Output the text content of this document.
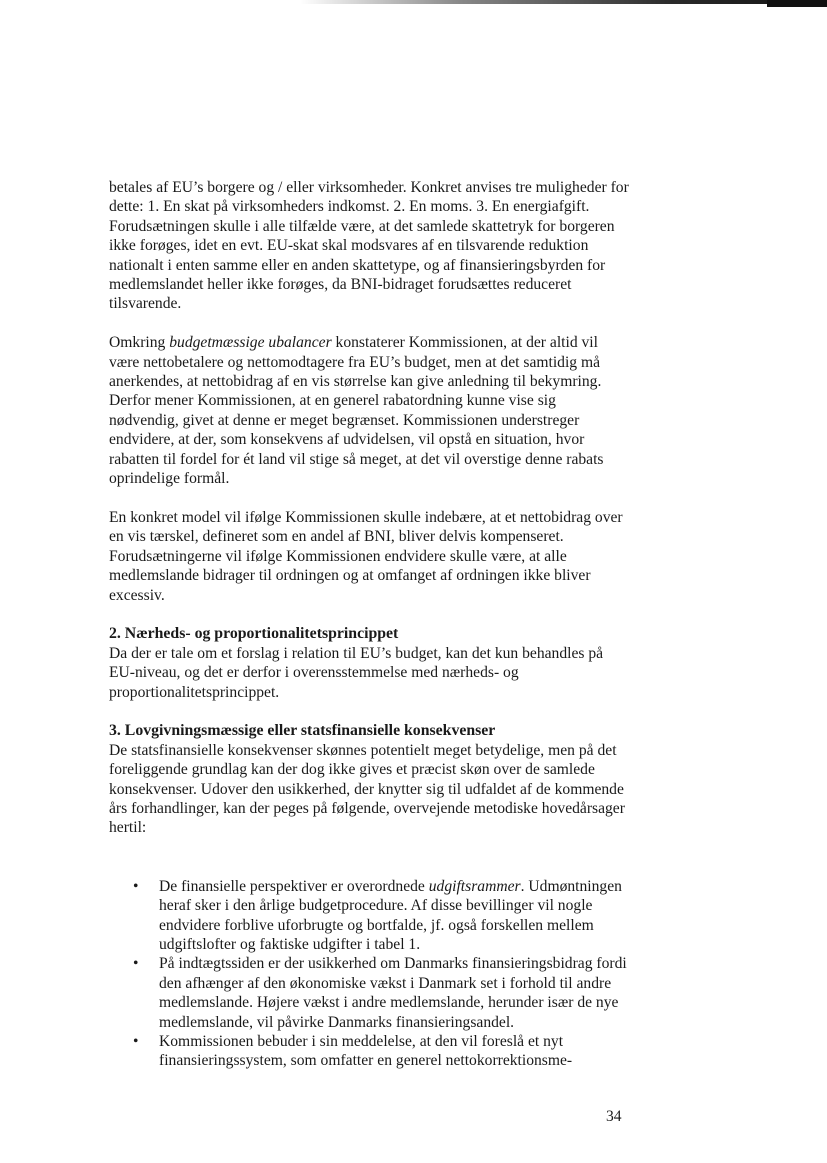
betales af EU’s borgere og / eller virksomheder. Konkret anvises tre muligheder for dette: 1. En skat på virksomheders indkomst. 2. En moms. 3. En energiafgift. Forudsætningen skulle i alle tilfælde være, at det samlede skattetryk for borgeren ikke forøges, idet en evt. EU-skat skal modsvares af en tilsvarende reduktion nationalt i enten samme eller en anden skattetype, og af finansieringsbyrden for medlemslandet heller ikke forøges, da BNI-bidraget forudsættes reduceret tilsvarende.

Omkring budgetmæssige ubalancer konstaterer Kommissionen, at der altid vil være nettobetalere og nettomodtagere fra EU’s budget, men at det samtidig må anerkendes, at nettobidrag af en vis størrelse kan give anledning til bekymring. Derfor mener Kommissionen, at en generel rabatordning kunne vise sig nødvendig, givet at denne er meget begrænset. Kommissionen understreger endvidere, at der, som konsekvens af udvidelsen, vil opstå en situation, hvor rabatten til fordel for ét land vil stige så meget, at det vil overstige denne rabats oprindelige formål.

En konkret model vil ifølge Kommissionen skulle indebære, at et nettobidrag over en vis tærskel, defineret som en andel af BNI, bliver delvis kompenseret. Forudsætningerne vil ifølge Kommissionen endvidere skulle være, at alle medlemslande bidrager til ordningen og at omfanget af ordningen ikke bliver excessiv.

2. Nærheds- og proportionalitetsprincippet

Da der er tale om et forslag i relation til EU’s budget, kan det kun behandles på EU-niveau, og det er derfor i overensstemmelse med nærheds- og proportionalitetsprincippet.

3. Lovgivningsmæssige eller statsfinansielle konsekvenser

De statsfinansielle konsekvenser skønnes potentielt meget betydelige, men på det foreliggende grundlag kan der dog ikke gives et præcist skøn over de samlede konsekvenser. Udover den usikkerhed, der knytter sig til udfaldet af de kommende års forhandlinger, kan der peges på følgende, overvejende metodiske hovedårsager hertil:

• De finansielle perspektiver er overordnede udgiftsrammer. Udmøntningen heraf sker i den årlige budgetprocedure. Af disse bevillinger vil nogle endvidere forblive uforbrugte og bortfalde, jf. også forskellen mellem udgiftslofter og faktiske udgifter i tabel 1.
• På indtægtssiden er der usikkerhed om Danmarks finansieringsbidrag fordi den afhænger af den økonomiske vækst i Danmark set i forhold til andre medlemslande. Højere vækst i andre medlemslande, herunder især de nye medlemslande, vil påvirke Danmarks finansieringsandel.
• Kommissionen bebuder i sin meddelelse, at den vil foreslå et nyt finansieringssystem, som omfatter en generel nettokorrektionsme-
34
